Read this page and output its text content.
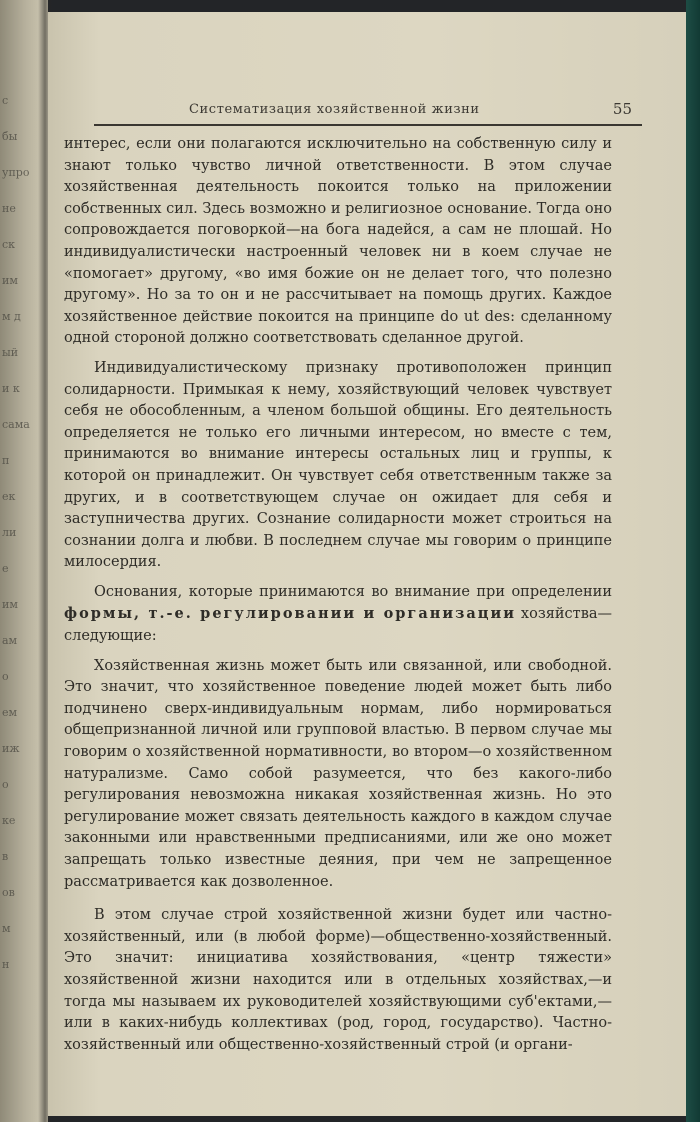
с
бы
упро
не
ск
им
м д
ый
и к
сама
п
ек
ли
е
им
ам
о
ем
иж
о
ке
в
ов
м
н
Систематизация хозяйственной жизни	55

интерес, если они полагаются исключительно на собственную силу и знают только чувство личной ответственности. В этом случае хозяйственная деятельность покоится только на приложении собственных сил. Здесь возможно и религиозное основание. Тогда оно сопровождается поговоркой—на бога надейся, а сам не плошай. Но индивидуалистически настроенный человек ни в коем случае не «помогает» другому, «во имя божие он не делает того, что полезно другому». Но за то он и не рассчитывает на помощь других. Каждое хозяйственное действие покоится на принципе do ut des: сделанному одной стороной должно соответствовать сделанное другой.

Индивидуалистическому признаку противоположен принцип солидарности. Примыкая к нему, хозяйствующий человек чувствует себя не обособленным, а членом большой общины. Его деятельность определяется не только его личными интересом, но вместе с тем, принимаются во внимание интересы остальных лиц и группы, к которой он принадлежит. Он чувствует себя ответственным также за других, и в соответствующем случае он ожидает для себя и заступничества других. Сознание солидарности может строиться на сознании долга и любви. В последнем случае мы говорим о принципе милосердия.

Основания, которые принимаются во внимание при определении формы, т.-е. регулировании и организации хозяйства—следующие:

Хозяйственная жизнь может быть или связанной, или свободной. Это значит, что хозяйственное поведение людей может быть либо подчинено сверх-индивидуальным нормам, либо нормироваться общепризнанной личной или групповой властью. В первом случае мы говорим о хозяйственной нормативности, во втором—о хозяйственном натурализме. Само собой разумеется, что без какого-либо регулирования невозможна никакая хозяйственная жизнь. Но это регулирование может связать деятельность каждого в каждом случае законными или нравственными предписаниями, или же оно может запрещать только известные деяния, при чем не запрещенное рассматривается как дозволенное.

В этом случае строй хозяйственной жизни будет или частно-хозяйственный, или (в любой форме)—общественно-хозяйственный. Это значит: инициатива хозяйствования, «центр тяжести» хозяйственной жизни находится или в отдельных хозяйствах,—и тогда мы называем их руководителей хозяйствующими суб'ектами,—или в каких-нибудь коллективах (род, город, государство). Частно-хозяйственный или общественно-хозяйственный строй (и органи-
